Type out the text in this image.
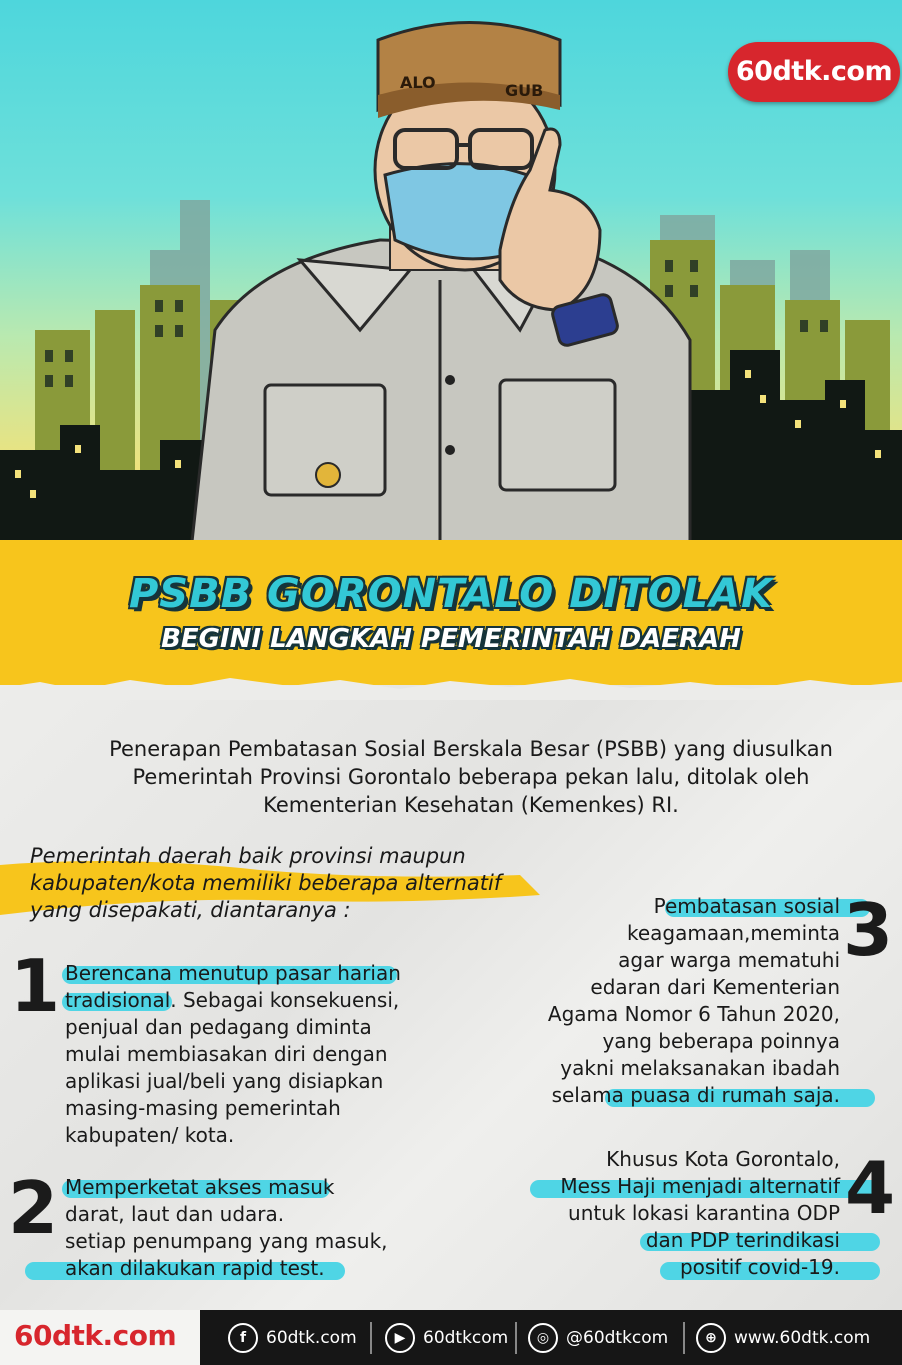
ALO	GUB
60dtk.com
PSBB GORONTALO DITOLAK
BEGINI LANGKAH PEMERINTAH DAERAH
Penerapan Pembatasan Sosial Berskala Besar (PSBB) yang diusulkan
Pemerintah Provinsi Gorontalo beberapa pekan lalu, ditolak oleh
Kementerian Kesehatan (Kemenkes) RI.
Pemerintah daerah baik provinsi maupun
kabupaten/kota memiliki beberapa alternatif
yang disepakati, diantaranya :
1 Berencana menutup pasar harian
tradisional. Sebagai konsekuensi,
penjual dan pedagang diminta
mulai membiasakan diri dengan
aplikasi jual/beli yang disiapkan
masing-masing pemerintah
kabupaten/ kota.
2 Memperketat akses masuk
darat, laut dan udara.
setiap penumpang yang masuk,
akan dilakukan rapid test.
3
Pembatasan sosial
keagamaan,meminta
agar warga mematuhi
edaran dari Kementerian
Agama Nomor 6 Tahun 2020,
yang beberapa poinnya
yakni melaksanakan ibadah
selama puasa di rumah saja.
4
Khusus Kota Gorontalo,
Mess Haji menjadi alternatif
untuk lokasi karantina ODP
dan PDP terindikasi
positif covid-19.
60dtk.com	f	60dtk.com	▶	60dtkcom	◎ @60dtkcom	⊕	www.60dtk.com
